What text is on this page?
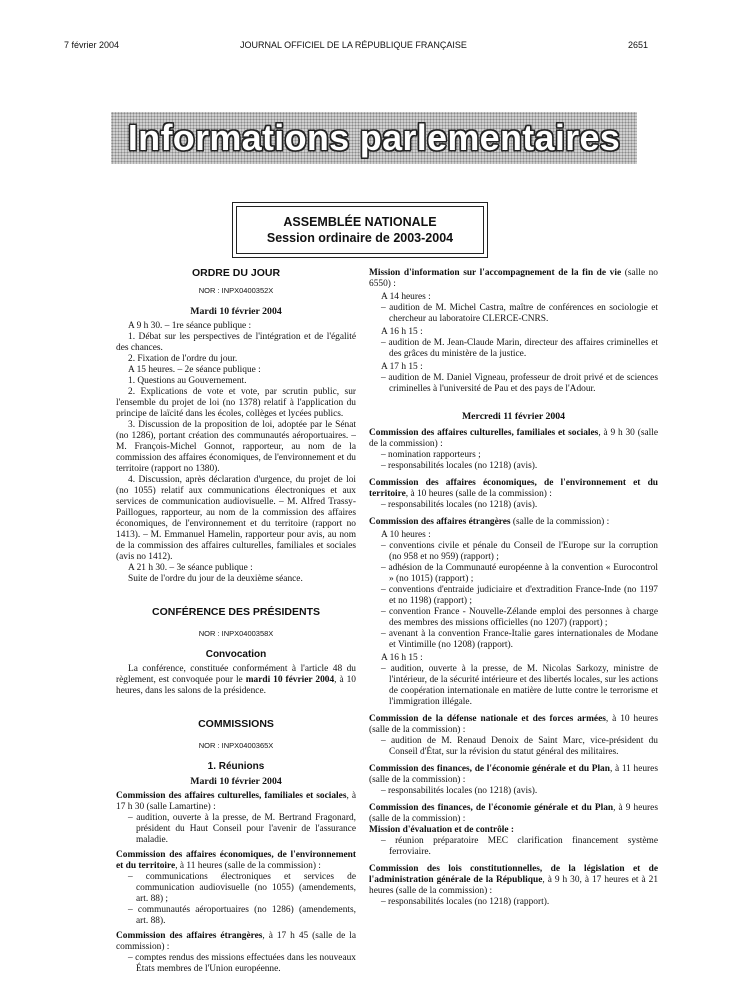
7 février 2004	JOURNAL OFFICIEL DE LA RÉPUBLIQUE FRANÇAISE	2651
Informations parlementaires
ASSEMBLÉE NATIONALE
Session ordinaire de 2003-2004
ORDRE DU JOUR
NOR : INPX0400352X
Mardi 10 février 2004

A 9 h 30. – 1re séance publique :

1. Débat sur les perspectives de l'intégration et de l'égalité des chances.

2. Fixation de l'ordre du jour.

A 15 heures. – 2e séance publique :

1. Questions au Gouvernement.

2. Explications de vote et vote, par scrutin public, sur l'ensemble du projet de loi (no 1378) relatif à l'application du principe de laïcité dans les écoles, collèges et lycées publics.

3. Discussion de la proposition de loi, adoptée par le Sénat (no 1286), portant création des communautés aéroportuaires. – M. François-Michel Gonnot, rapporteur, au nom de la commission des affaires économiques, de l'environnement et du territoire (rapport no 1380).

4. Discussion, après déclaration d'urgence, du projet de loi (no 1055) relatif aux communications électroniques et aux services de communication audiovisuelle. – M. Alfred Trassy-Paillogues, rapporteur, au nom de la commission des affaires économiques, de l'environnement et du territoire (rapport no 1413). – M. Emmanuel Hamelin, rapporteur pour avis, au nom de la commission des affaires culturelles, familiales et sociales (avis no 1412).

A 21 h 30. – 3e séance publique :

Suite de l'ordre du jour de la deuxième séance.

CONFÉRENCE DES PRÉSIDENTS
NOR : INPX0400358X
Convocation

La conférence, constituée conformément à l'article 48 du règlement, est convoquée pour le mardi 10 février 2004, à 10 heures, dans les salons de la présidence.

COMMISSIONS
NOR : INPX0400365X
1. Réunions
Mardi 10 février 2004

Commission des affaires culturelles, familiales et sociales, à 17 h 30 (salle Lamartine) :

– audition, ouverte à la presse, de M. Bertrand Fragonard, président du Haut Conseil pour l'avenir de l'assurance maladie.

Commission des affaires économiques, de l'environnement et du territoire, à 11 heures (salle de la commission) :

– communications électroniques et services de communication audiovisuelle (no 1055) (amendements, art. 88) ;

– communautés aéroportuaires (no 1286) (amendements, art. 88).

Commission des affaires étrangères, à 17 h 45 (salle de la commission) :

– comptes rendus des missions effectuées dans les nouveaux États membres de l'Union européenne.

Mission d'information sur l'accompagnement de la fin de vie (salle no 6550) :

A 14 heures :

– audition de M. Michel Castra, maître de conférences en sociologie et chercheur au laboratoire CLERCE-CNRS.

A 16 h 15 :

– audition de M. Jean-Claude Marin, directeur des affaires criminelles et des grâces du ministère de la justice.

A 17 h 15 :

– audition de M. Daniel Vigneau, professeur de droit privé et de sciences criminelles à l'université de Pau et des pays de l'Adour.

Mercredi 11 février 2004

Commission des affaires culturelles, familiales et sociales, à 9 h 30 (salle de la commission) :

– nomination rapporteurs ;

– responsabilités locales (no 1218) (avis).

Commission des affaires économiques, de l'environnement et du territoire, à 10 heures (salle de la commission) :

– responsabilités locales (no 1218) (avis).

Commission des affaires étrangères (salle de la commission) :

A 10 heures :

– conventions civile et pénale du Conseil de l'Europe sur la corruption (no 958 et no 959) (rapport) ;

– adhésion de la Communauté européenne à la convention « Eurocontrol » (no 1015) (rapport) ;

– conventions d'entraide judiciaire et d'extradition France-Inde (no 1197 et no 1198) (rapport) ;

– convention France - Nouvelle-Zélande emploi des personnes à charge des membres des missions officielles (no 1207) (rapport) ;

– avenant à la convention France-Italie gares internationales de Modane et Vintimille (no 1208) (rapport).

A 16 h 15 :

– audition, ouverte à la presse, de M. Nicolas Sarkozy, ministre de l'intérieur, de la sécurité intérieure et des libertés locales, sur les actions de coopération internationale en matière de lutte contre le terrorisme et l'immigration illégale.

Commission de la défense nationale et des forces armées, à 10 heures (salle de la commission) :

– audition de M. Renaud Denoix de Saint Marc, vice-président du Conseil d'État, sur la révision du statut général des militaires.

Commission des finances, de l'économie générale et du Plan, à 11 heures (salle de la commission) :

– responsabilités locales (no 1218) (avis).

Commission des finances, de l'économie générale et du Plan, à 9 heures (salle de la commission) :

Mission d'évaluation et de contrôle :

– réunion préparatoire MEC clarification financement système ferroviaire.

Commission des lois constitutionnelles, de la législation et de l'administration générale de la République, à 9 h 30, à 17 heures et à 21 heures (salle de la commission) :

– responsabilités locales (no 1218) (rapport).
